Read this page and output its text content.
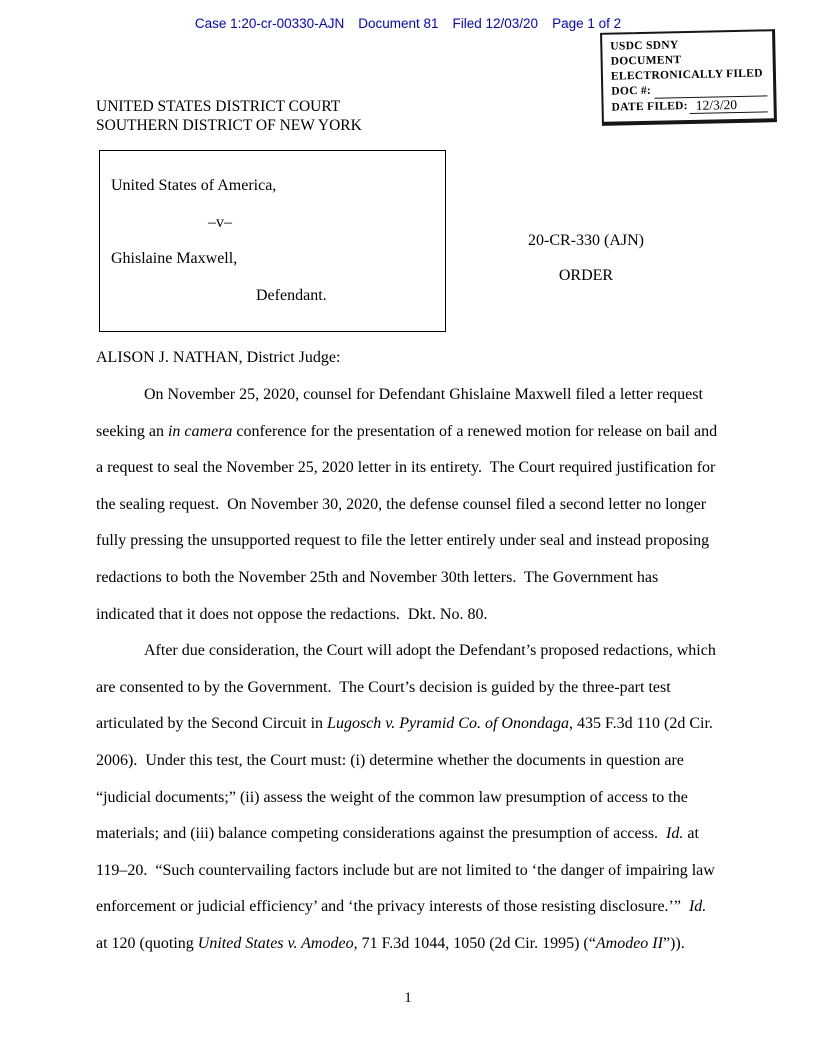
Case 1:20-cr-00330-AJN Document 81 Filed 12/03/20 Page 1 of 2
USDC SDNY
DOCUMENT
ELECTRONICALLY FILED
DOC #:
DATE FILED: 12/3/20
UNITED STATES DISTRICT COURT
SOUTHERN DISTRICT OF NEW YORK
United States of America,
–v–
Ghislaine Maxwell,
Defendant.
20-CR-330 (AJN)
ORDER
ALISON J. NATHAN, District Judge:

On November 25, 2020, counsel for Defendant Ghislaine Maxwell filed a letter request seeking an in camera conference for the presentation of a renewed motion for release on bail and a request to seal the November 25, 2020 letter in its entirety.  The Court required justification for the sealing request.  On November 30, 2020, the defense counsel filed a second letter no longer fully pressing the unsupported request to file the letter entirely under seal and instead proposing redactions to both the November 25th and November 30th letters.  The Government has indicated that it does not oppose the redactions.  Dkt. No. 80.

After due consideration, the Court will adopt the Defendant’s proposed redactions, which are consented to by the Government.  The Court’s decision is guided by the three-part test articulated by the Second Circuit in Lugosch v. Pyramid Co. of Onondaga, 435 F.3d 110 (2d Cir. 2006).  Under this test, the Court must: (i) determine whether the documents in question are “judicial documents;” (ii) assess the weight of the common law presumption of access to the materials; and (iii) balance competing considerations against the presumption of access.  Id. at 119–20.  “Such countervailing factors include but are not limited to ‘the danger of impairing law enforcement or judicial efficiency’ and ‘the privacy interests of those resisting disclosure.’”  Id. at 120 (quoting United States v. Amodeo, 71 F.3d 1044, 1050 (2d Cir. 1995) (“Amodeo II”)).

1
